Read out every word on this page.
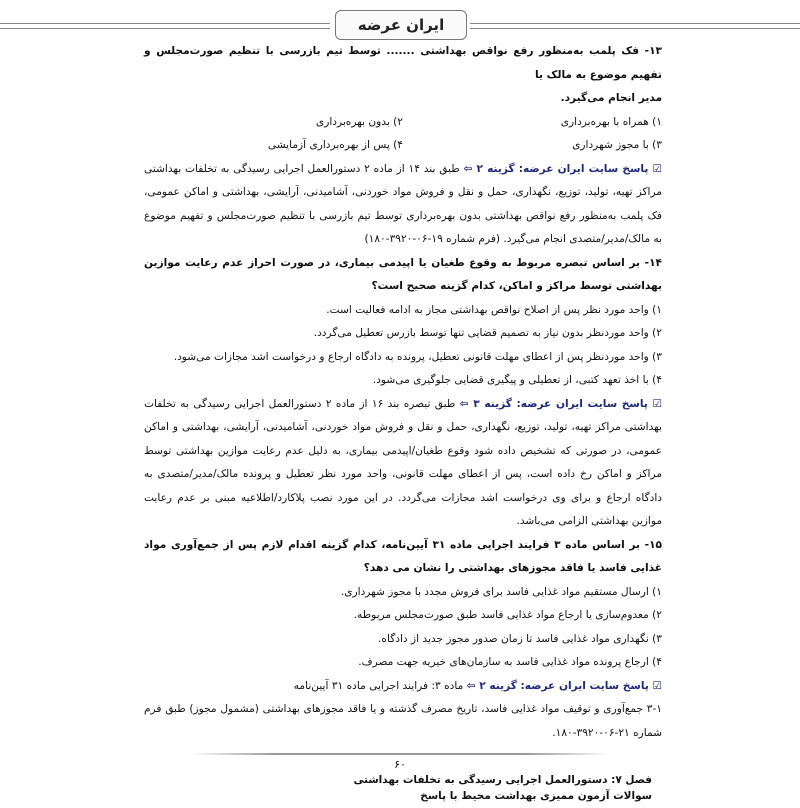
ایران عرضه

۱۳- فک پلمب به‌منظور رفع نواقص بهداشتی ....... توسط تیم بازرسی با تنظیم صورت‌مجلس و تفهیم موضوع به مالک یا

مدیر انجام می‌گیرد.

۱) همراه با بهره‌برداری
۲) بدون بهره‌برداری

۳) با مجوز شهرداری
۴) پس از بهره‌برداری آزمایشی

☑ پاسخ سایت ایران عرضه: گزینه ۲ ⇦ طبق بند ۱۴ از ماده ۲ دستورالعمل اجرایی رسیدگی به تخلفات بهداشتی مراکز تهیه، تولید، توزیع، نگهداری، حمل و نقل و فروش مواد خوردنی، آشامیدنی، آرایشی، بهداشتی و اماکن عمومی، فک پلمب به‌منظور رفع نواقص بهداشتی بدون بهره‌برداری توسط تیم بازرسی با تنظیم صورت‌مجلس و تفهیم موضوع به مالک/مدیر/متصدی انجام می‌گیرد. (فرم شماره ۱۹-۰۶-۳۹۲۰-۱۸۰)

۱۴- بر اساس تبصره مربوط به وقوع طغیان یا اپیدمی بیماری، در صورت احراز عدم رعایت موازین بهداشتی توسط مراکز و اماکن، کدام گزینه صحیح است؟

۱) واحد مورد نظر پس از اصلاح نواقص بهداشتی مجاز به ادامه فعالیت است.

۲) واحد موردنظر بدون نیاز به تصمیم قضایی تنها توسط بازرس تعطیل می‌گردد.

۳) واحد موردنظر پس از اعطای مهلت قانونی تعطیل، پرونده به دادگاه ارجاع و درخواست اشد مجازات می‌شود.

۴) با اخذ تعهد کتبی، از تعطیلی و پیگیری قضایی جلوگیری می‌شود.

☑ پاسخ سایت ایران عرضه: گزینه ۳ ⇦ طبق تبصره بند ۱۶ از ماده ۲ دستورالعمل اجرایی رسیدگی به تخلفات بهداشتی مراکز تهیه، تولید، توزیع، نگهداری، حمل و نقل و فروش مواد خوردنی، آشامیدنی، آرایشی، بهداشتی و اماکن عمومی، در صورتی که تشخیص داده شود وقوع طغیان/اپیدمی بیماری، به دلیل عدم رعایت موازین بهداشتی توسط مراکز و اماکن رخ داده است، پس از اعطای مهلت قانونی، واحد مورد نظر تعطیل و پرونده مالک/مدیر/متصدی به دادگاه ارجاع و برای وی درخواست اشد مجازات می‌گردد. در این مورد نصب پلاکارد/اطلاعیه مبنی بر عدم رعایت موازین بهداشتی الزامی می‌باشد.

۱۵- بر اساس ماده ۳ فرایند اجرایی ماده ۳۱ آیین‌نامه، کدام گزینه اقدام لازم پس از جمع‌آوری مواد غذایی فاسد یا فاقد مجوزهای بهداشتی را نشان می دهد؟

۱) ارسال مستقیم مواد غذایی فاسد برای فروش مجدد با مجوز شهرداری.

۲) معدوم‌سازی یا ارجاع مواد غذایی فاسد طبق صورت‌مجلس مربوطه.

۳) نگهداری مواد غذایی فاسد تا زمان صدور مجوز جدید از دادگاه.

۴) ارجاع پرونده مواد غذایی فاسد به سازمان‌های خیریه جهت مصرف.

☑ پاسخ سایت ایران عرضه: گزینه ۲ ⇦ ماده ۳: فرایند اجرایی ماده ۳۱ آیین‌نامه

۳-۱ جمع‌آوری و توقیف مواد غذایی فاسد، تاریخ مصرف گذشته و یا فاقد مجوزهای بهداشتی (مشمول مجوز) طبق فرم شماره ۲۱-۰۶-۳۹۲۰-۱۸۰.

۶۰
فصل ۷: دستورالعمل اجرایی رسیدگی به تخلفات بهداشتی
سوالات آزمون ممیزی بهداشت محیط با پاسخ
